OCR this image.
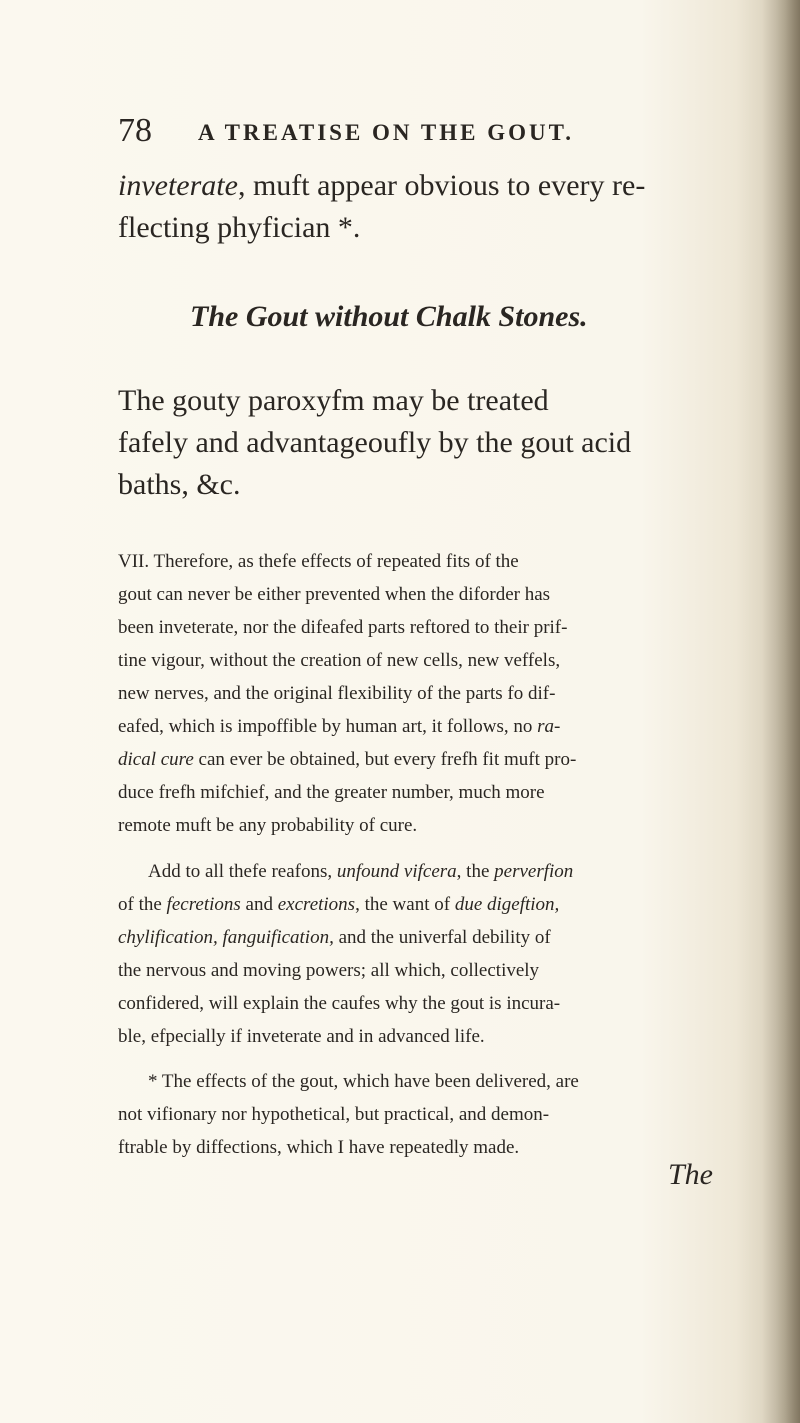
78 A TREATISE ON THE GOUT.
inveterate, muft appear obvious to every re-
flecting phyfician *.
The Gout without Chalk Stones.
The gouty paroxyfm may be treated
fafely and advantageoufly by the gout acid
baths, &c.
VII. Therefore, as thefe effects of repeated fits of the
gout can never be either prevented when the diforder has
been inveterate, nor the difeafed parts reftored to their prif-
tine vigour, without the creation of new cells, new veffels,
new nerves, and the original flexibility of the parts fo dif-
eafed, which is impoffible by human art, it follows, no ra-
dical cure can ever be obtained, but every frefh fit muft pro-
duce frefh mifchief, and the greater number, much more
remote muft be any probability of cure.
Add to all thefe reafons, unfound vifcera, the perverfion
of the fecretions and excretions, the want of due digeftion,
chylification, fanguification, and the univerfal debility of
the nervous and moving powers; all which, collectively
confidered, will explain the caufes why the gout is incura-
ble, efpecially if inveterate and in advanced life.
* The effects of the gout, which have been delivered, are
not vifionary nor hypothetical, but practical, and demon-
ftrable by diffections, which I have repeatedly made.
The
